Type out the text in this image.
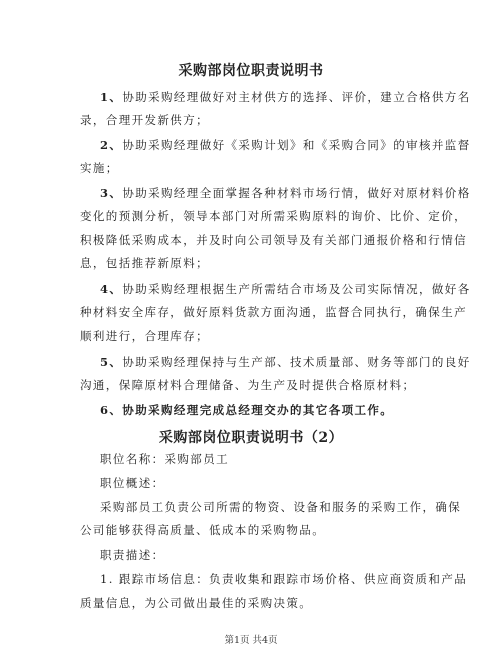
采购部岗位职责说明书
1、协助采购经理做好对主材供方的选择、评价，建立合格供方名
录，合理开发新供方；
2、协助采购经理做好《采购计划》和《采购合同》的审核并监督
实施；
3、协助采购经理全面掌握各种材料市场行情，做好对原材料价格
变化的预测分析，领导本部门对所需采购原料的询价、比价、定价，
积极降低采购成本，并及时向公司领导及有关部门通报价格和行情信
息，包括推荐新原料；
4、协助采购经理根据生产所需结合市场及公司实际情况，做好各
种材料安全库存，做好原料货款方面沟通，监督合同执行，确保生产
顺利进行，合理库存；
5、协助采购经理保持与生产部、技术质量部、财务等部门的良好
沟通，保障原材料合理储备、为生产及时提供合格原材料；
6、协助采购经理完成总经理交办的其它各项工作。
采购部岗位职责说明书（2）
职位名称：采购部员工
职位概述：
采购部员工负责公司所需的物资、设备和服务的采购工作，确保
公司能够获得高质量、低成本的采购物品。
职责描述：
1. 跟踪市场信息：负责收集和跟踪市场价格、供应商资质和产品
质量信息，为公司做出最佳的采购决策。
第1页 共4页
